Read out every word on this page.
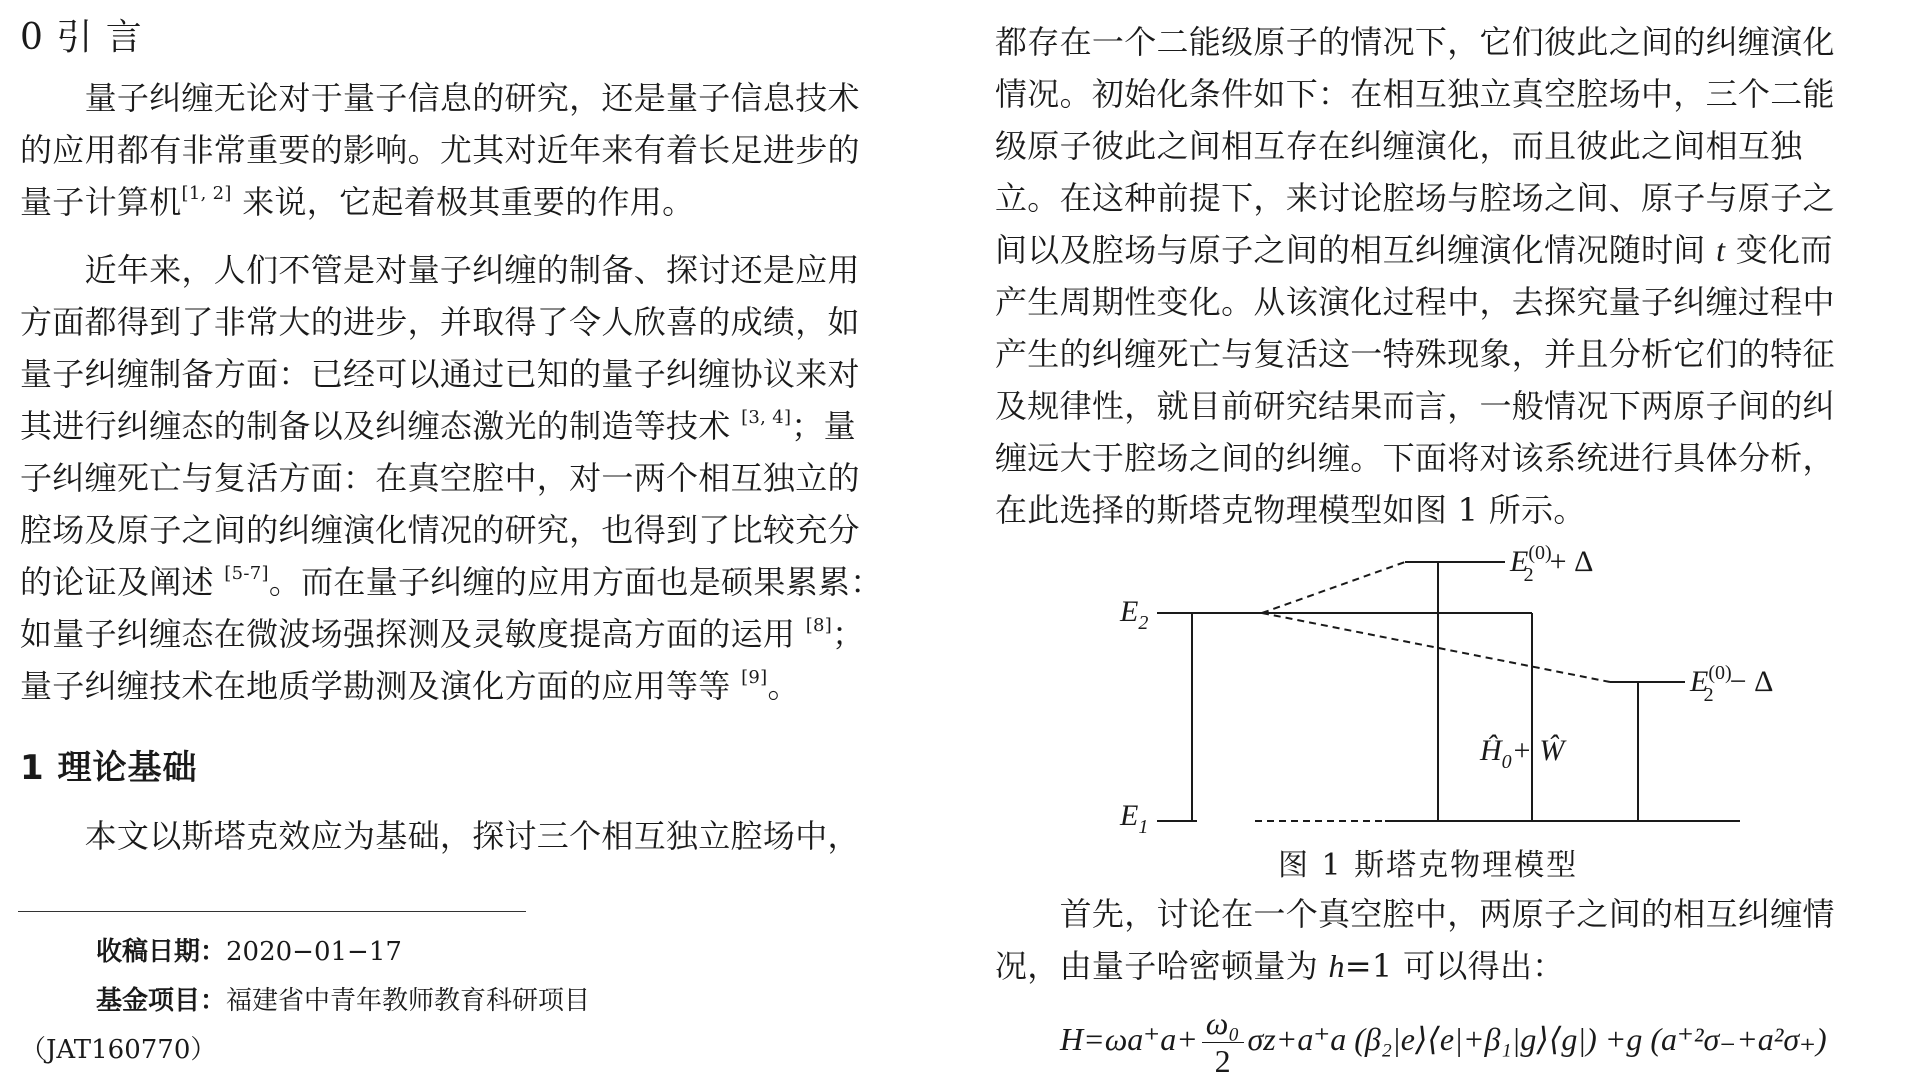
0 引 言
　　量子纠缠无论对于量子信息的研究，还是量子信息技术
的应用都有非常重要的影响。尤其对近年来有着长足进步的
量子计算机[1, 2] 来说，它起着极其重要的作用。
　　近年来，人们不管是对量子纠缠的制备、探讨还是应用
方面都得到了非常大的进步，并取得了令人欣喜的成绩，如
量子纠缠制备方面：已经可以通过已知的量子纠缠协议来对
其进行纠缠态的制备以及纠缠态激光的制造等技术 [3, 4]；量
子纠缠死亡与复活方面：在真空腔中，对一两个相互独立的
腔场及原子之间的纠缠演化情况的研究，也得到了比较充分
的论证及阐述 [5-7]。而在量子纠缠的应用方面也是硕果累累：
如量子纠缠态在微波场强探测及灵敏度提高方面的运用 [8]；
量子纠缠技术在地质学勘测及演化方面的应用等等 [9]。
1 理论基础
　　本文以斯塔克效应为基础，探讨三个相互独立腔场中，
收稿日期：2020−01−17
基金项目：福建省中青年教师教育科研项目
（JAT160770）
都存在一个二能级原子的情况下，它们彼此之间的纠缠演化
情况。初始化条件如下：在相互独立真空腔场中，三个二能
级原子彼此之间相互存在纠缠演化，而且彼此之间相互独
立。在这种前提下，来讨论腔场与腔场之间、原子与原子之
间以及腔场与原子之间的相互纠缠演化情况随时间 t 变化而
产生周期性变化。从该演化过程中，去探究量子纠缠过程中
产生的纠缠死亡与复活这一特殊现象，并且分析它们的特征
及规律性，就目前研究结果而言，一般情况下两原子间的纠
缠远大于腔场之间的纠缠。下面将对该系统进行具体分析，
在此选择的斯塔克物理模型如图 1 所示。
$E_2$
$E_1$
$E^{(0)}$ 2 + Δ
$E^{(0)}$ 2 − Δ
$Ĥ_0+$ Ŵ
图 1 斯塔克物理模型
　　首先，讨论在一个真空腔中，两原子之间的相互纠缠情
况，由量子哈密顿量为 h=1 可以得出：
$H=\omega a^+a+ \frac{\text{ω₀}}{2} \sigma z+a^+a$ (β₂|e⟩⟨e|+β₁|g⟩⟨g|) +g (a⁺²σ₋+a²σ₊)
